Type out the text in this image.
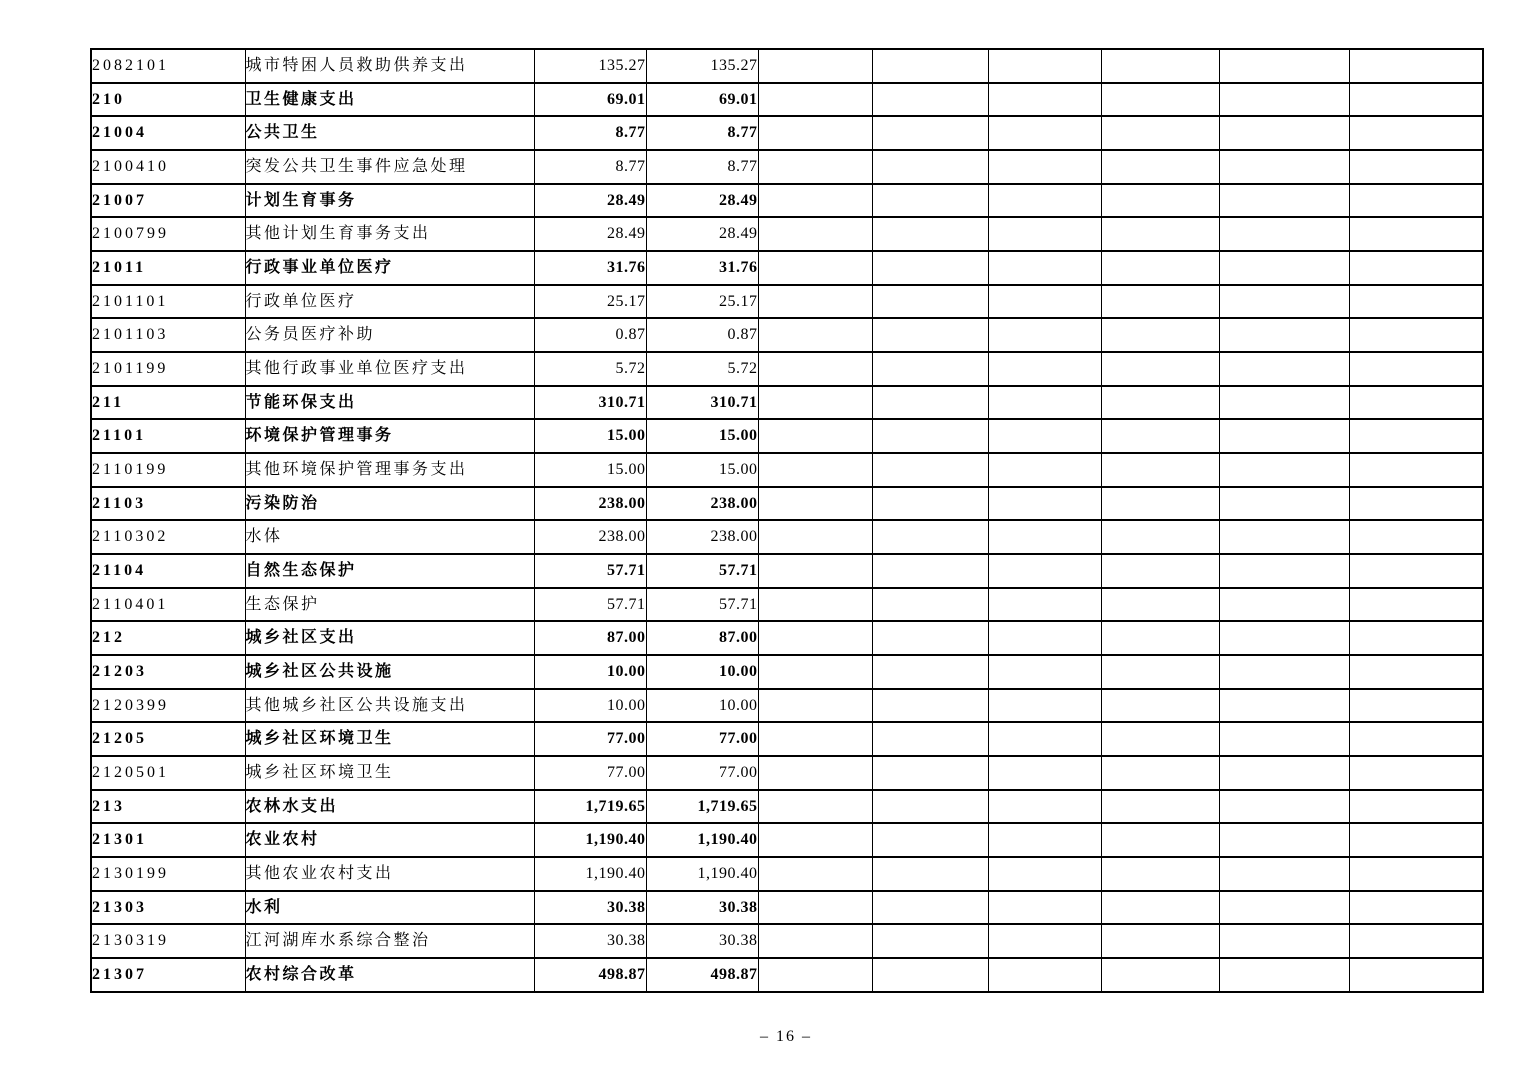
2082101	城市特困人员救助供养支出	135.27	135.27						
210	卫生健康支出	69.01	69.01						
21004	公共卫生	8.77	8.77						
2100410	突发公共卫生事件应急处理	8.77	8.77						
21007	计划生育事务	28.49	28.49						
2100799	其他计划生育事务支出	28.49	28.49						
21011	行政事业单位医疗	31.76	31.76						
2101101	行政单位医疗	25.17	25.17						
2101103	公务员医疗补助	0.87	0.87						
2101199	其他行政事业单位医疗支出	5.72	5.72						
211	节能环保支出	310.71	310.71						
21101	环境保护管理事务	15.00	15.00						
2110199	其他环境保护管理事务支出	15.00	15.00						
21103	污染防治	238.00	238.00						
2110302	水体	238.00	238.00						
21104	自然生态保护	57.71	57.71						
2110401	生态保护	57.71	57.71						
212	城乡社区支出	87.00	87.00						
21203	城乡社区公共设施	10.00	10.00						
2120399	其他城乡社区公共设施支出	10.00	10.00						
21205	城乡社区环境卫生	77.00	77.00						
2120501	城乡社区环境卫生	77.00	77.00						
213	农林水支出	1,719.65	1,719.65						
21301	农业农村	1,190.40	1,190.40						
2130199	其他农业农村支出	1,190.40	1,190.40						
21303	水利	30.38	30.38						
2130319	江河湖库水系综合整治	30.38	30.38						
21307	农村综合改革	498.87	498.87						
– 16 –
